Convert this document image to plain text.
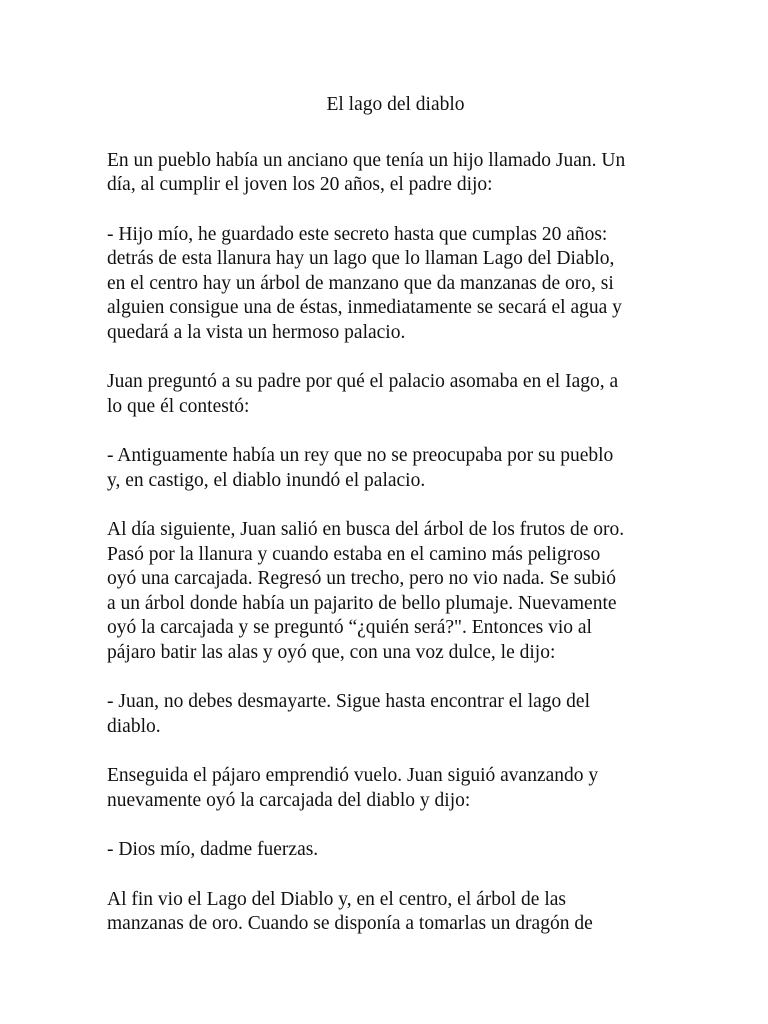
El lago del diablo

En un pueblo había un anciano que tenía un hijo llamado Juan. Un
día, al cumplir el joven los 20 años, el padre dijo:

- Hijo mío, he guardado este secreto hasta que cumplas 20 años:
detrás de esta llanura hay un lago que lo llaman Lago del Diablo,
en el centro hay un árbol de manzano que da manzanas de oro, si
alguien consigue una de éstas, inmediatamente se secará el agua y
quedará a la vista un hermoso palacio.

Juan preguntó a su padre por qué el palacio asomaba en el Iago, a
lo que él contestó:

- Antiguamente había un rey que no se preocupaba por su pueblo
y, en castigo, el diablo inundó el palacio.

Al día siguiente, Juan salió en busca del árbol de los frutos de oro.
Pasó por la llanura y cuando estaba en el camino más peligroso
oyó una carcajada. Regresó un trecho, pero no vio nada. Se subió
a un árbol donde había un pajarito de bello plumaje. Nuevamente
oyó la carcajada y se preguntó “¿quién será?". Entonces vio al
pájaro batir las alas y oyó que, con una voz dulce, le dijo:

- Juan, no debes desmayarte. Sigue hasta encontrar el lago del
diablo.

Enseguida el pájaro emprendió vuelo. Juan siguió avanzando y
nuevamente oyó la carcajada del diablo y dijo:

- Dios mío, dadme fuerzas.

Al fin vio el Lago del Diablo y, en el centro, el árbol de las
manzanas de oro. Cuando se disponía a tomarlas un dragón de
